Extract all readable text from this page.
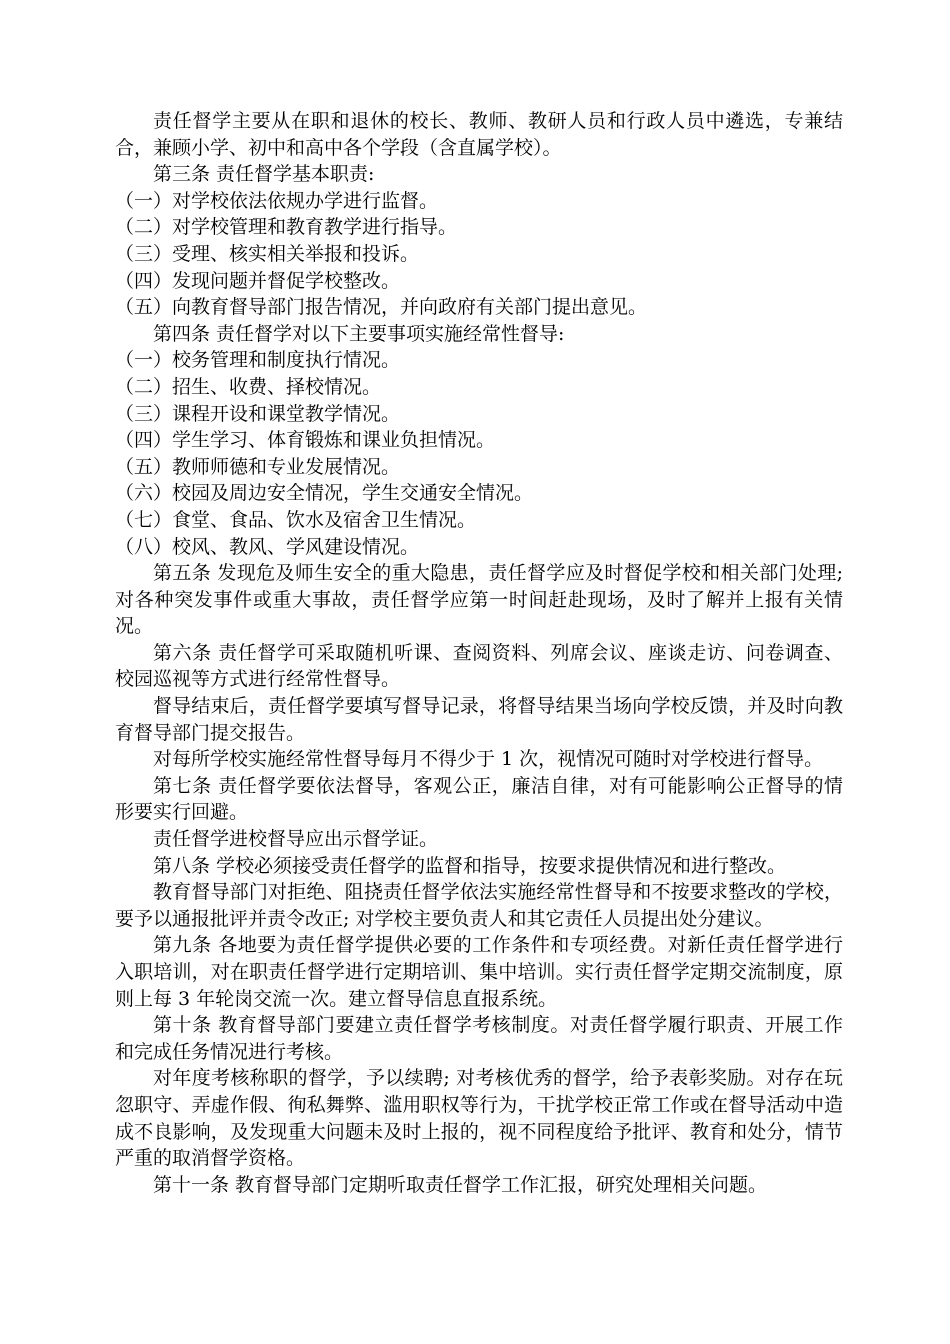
责任督学主要从在职和退休的校长、教师、教研人员和行政人员中遴选，专兼结合，兼顾小学、初中和高中各个学段（含直属学校）。

第三条 责任督学基本职责:

（一）对学校依法依规办学进行监督。

（二）对学校管理和教育教学进行指导。

（三）受理、核实相关举报和投诉。

（四）发现问题并督促学校整改。

（五）向教育督导部门报告情况，并向政府有关部门提出意见。

第四条 责任督学对以下主要事项实施经常性督导:

（一）校务管理和制度执行情况。

（二）招生、收费、择校情况。

（三）课程开设和课堂教学情况。

（四）学生学习、体育锻炼和课业负担情况。

（五）教师师德和专业发展情况。

（六）校园及周边安全情况，学生交通安全情况。

（七）食堂、食品、饮水及宿舍卫生情况。

（八）校风、教风、学风建设情况。

第五条 发现危及师生安全的重大隐患，责任督学应及时督促学校和相关部门处理; 对各种突发事件或重大事故，责任督学应第一时间赶赴现场，及时了解并上报有关情况。

第六条 责任督学可采取随机听课、查阅资料、列席会议、座谈走访、问卷调查、校园巡视等方式进行经常性督导。

督导结束后，责任督学要填写督导记录，将督导结果当场向学校反馈，并及时向教育督导部门提交报告。

对每所学校实施经常性督导每月不得少于 1 次，视情况可随时对学校进行督导。

第七条 责任督学要依法督导，客观公正，廉洁自律，对有可能影响公正督导的情形要实行回避。

责任督学进校督导应出示督学证。

第八条 学校必须接受责任督学的监督和指导，按要求提供情况和进行整改。

教育督导部门对拒绝、阻挠责任督学依法实施经常性督导和不按要求整改的学校，要予以通报批评并责令改正; 对学校主要负责人和其它责任人员提出处分建议。

第九条 各地要为责任督学提供必要的工作条件和专项经费。对新任责任督学进行入职培训，对在职责任督学进行定期培训、集中培训。实行责任督学定期交流制度，原则上每 3 年轮岗交流一次。建立督导信息直报系统。

第十条 教育督导部门要建立责任督学考核制度。对责任督学履行职责、开展工作和完成任务情况进行考核。

对年度考核称职的督学，予以续聘; 对考核优秀的督学，给予表彰奖励。对存在玩忽职守、弄虚作假、徇私舞弊、滥用职权等行为，干扰学校正常工作或在督导活动中造成不良影响，及发现重大问题未及时上报的，视不同程度给予批评、教育和处分，情节严重的取消督学资格。

第十一条 教育督导部门定期听取责任督学工作汇报，研究处理相关问题。
